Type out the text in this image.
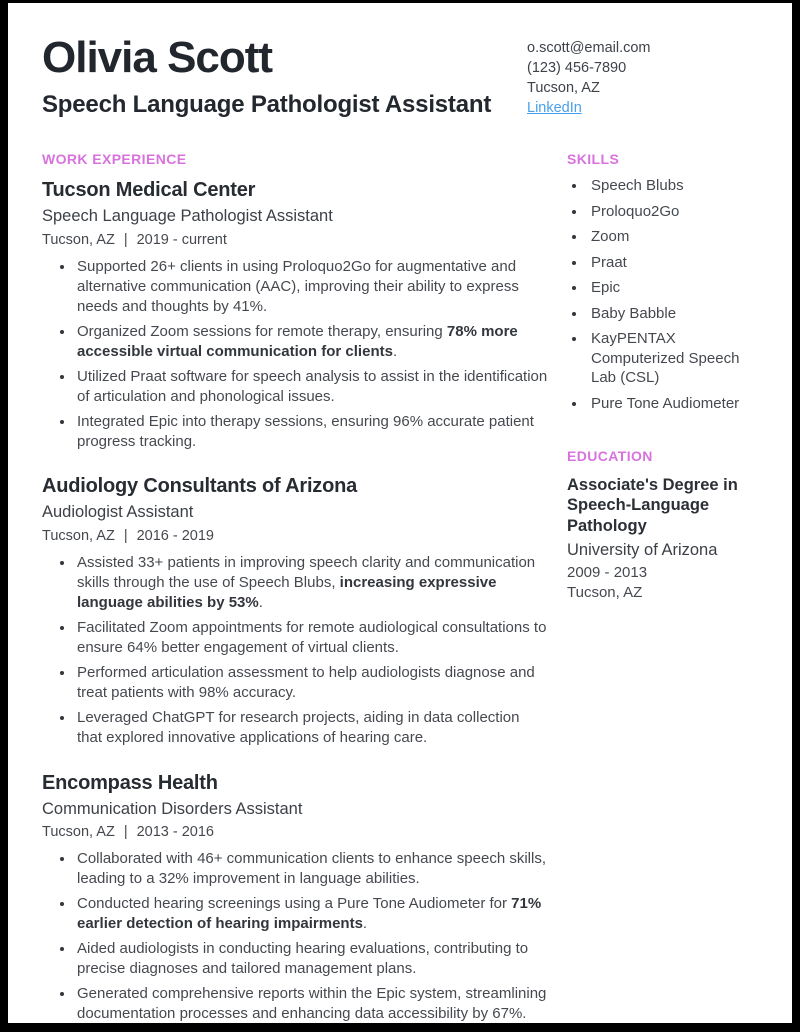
Olivia Scott
Speech Language Pathologist Assistant
o.scott@email.com
(123) 456-7890
Tucson, AZ
LinkedIn
WORK EXPERIENCE
Tucson Medical Center
Speech Language Pathologist Assistant
Tucson, AZ | 2019 - current
• Supported 26+ clients in using Proloquo2Go for augmentative and alternative communication (AAC), improving their ability to express needs and thoughts by 41%.
• Organized Zoom sessions for remote therapy, ensuring 78% more accessible virtual communication for clients.
• Utilized Praat software for speech analysis to assist in the identification of articulation and phonological issues.
• Integrated Epic into therapy sessions, ensuring 96% accurate patient progress tracking.
Audiology Consultants of Arizona
Audiologist Assistant
Tucson, AZ | 2016 - 2019
• Assisted 33+ patients in improving speech clarity and communication skills through the use of Speech Blubs, increasing expressive language abilities by 53%.
• Facilitated Zoom appointments for remote audiological consultations to ensure 64% better engagement of virtual clients.
• Performed articulation assessment to help audiologists diagnose and treat patients with 98% accuracy.
• Leveraged ChatGPT for research projects, aiding in data collection that explored innovative applications of hearing care.
Encompass Health
Communication Disorders Assistant
Tucson, AZ | 2013 - 2016
• Collaborated with 46+ communication clients to enhance speech skills, leading to a 32% improvement in language abilities.
• Conducted hearing screenings using a Pure Tone Audiometer for 71% earlier detection of hearing impairments.
• Aided audiologists in conducting hearing evaluations, contributing to precise diagnoses and tailored management plans.
• Generated comprehensive reports within the Epic system, streamlining documentation processes and enhancing data accessibility by 67%.
SKILLS
• Speech Blubs
• Proloquo2Go
• Zoom
• Praat
• Epic
• Baby Babble
• KayPENTAX Computerized Speech Lab (CSL)
• Pure Tone Audiometer
EDUCATION
Associate's Degree in Speech-Language Pathology
University of Arizona
2009 - 2013
Tucson, AZ
